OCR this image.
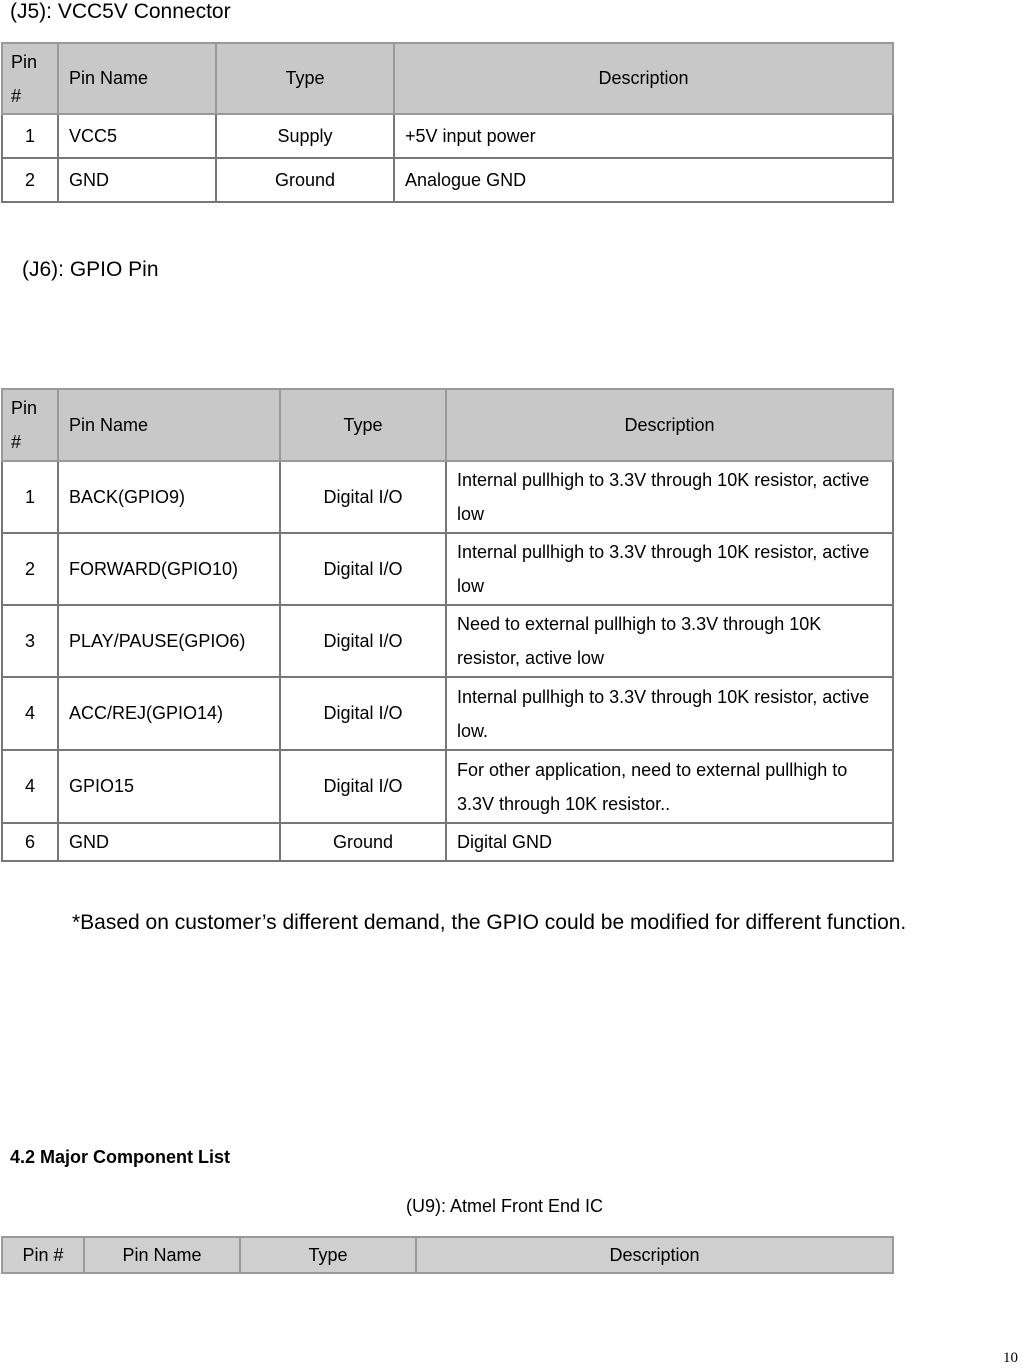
(J5): VCC5V Connector
Pin #	Pin Name	Type	Description
1	VCC5	Supply	+5V input power
2	GND	Ground	Analogue GND
(J6): GPIO Pin
Pin #	Pin Name	Type	Description
1	BACK(GPIO9)	Digital I/O	Internal pullhigh to 3.3V through 10K resistor, active low
2	FORWARD(GPIO10)	Digital I/O	Internal pullhigh to 3.3V through 10K resistor, active low
3	PLAY/PAUSE(GPIO6)	Digital I/O	Need to external pullhigh to 3.3V through 10K resistor, active low
4	ACC/REJ(GPIO14)	Digital I/O	Internal pullhigh to 3.3V through 10K resistor, active low.
4	GPIO15	Digital I/O	For other application, need to external pullhigh to 3.3V through 10K resistor..
6	GND	Ground	Digital GND
*Based on customer’s different demand, the GPIO could be modified for different function.
4.2 Major Component List
(U9): Atmel Front End IC
Pin #	Pin Name	Type	Description
10
